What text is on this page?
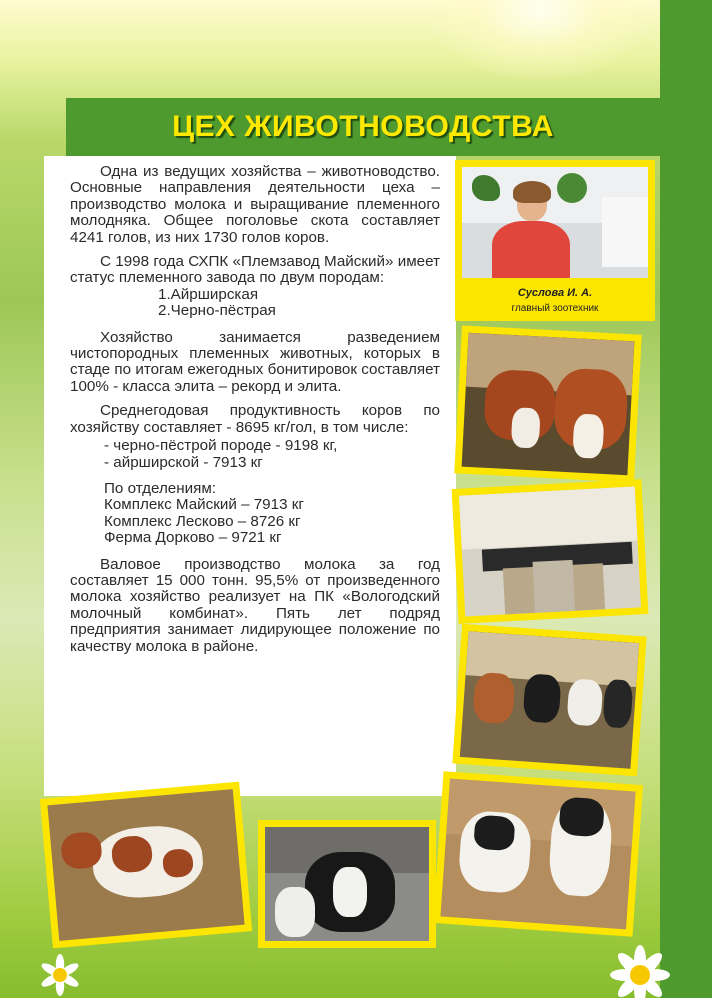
ЦЕХ ЖИВОТНОВОДСТВА

Одна из ведущих хозяйства – животноводство. Основные направления деятельности цеха – производство молока и выращивание племенного молодняка. Общее поголовье скота составляет 4241 голов, из них 1730 голов коров.

С 1998 года СХПК «Племзавод Майский» имеет статус племенного завода по двум породам:

1.Айрширская
2.Черно-пёстрая

Хозяйство занимается разведением чистопородных племенных животных, которых в стаде по итогам ежегодных бонитировок составляет 100% - класса элита – рекорд и элита.

Среднегодовая продуктивность коров по хозяйству составляет - 8695 кг/гол, в том числе:

- черно-пёстрой породе - 9198 кг,
- айрширской - 7913 кг
По отделениям:
Комплекс Майский – 7913 кг
Комплекс Лесково – 8726 кг
Ферма Дорково – 9721 кг

Валовое производство молока за год составляет 15 000 тонн. 95,5% от произведенного молока хозяйство реализует на ПК «Вологодский молочный комбинат». Пять лет подряд предприятия занимает лидирующее положение по качеству молока в районе.

Суслова И. А.
главный зоотехник
